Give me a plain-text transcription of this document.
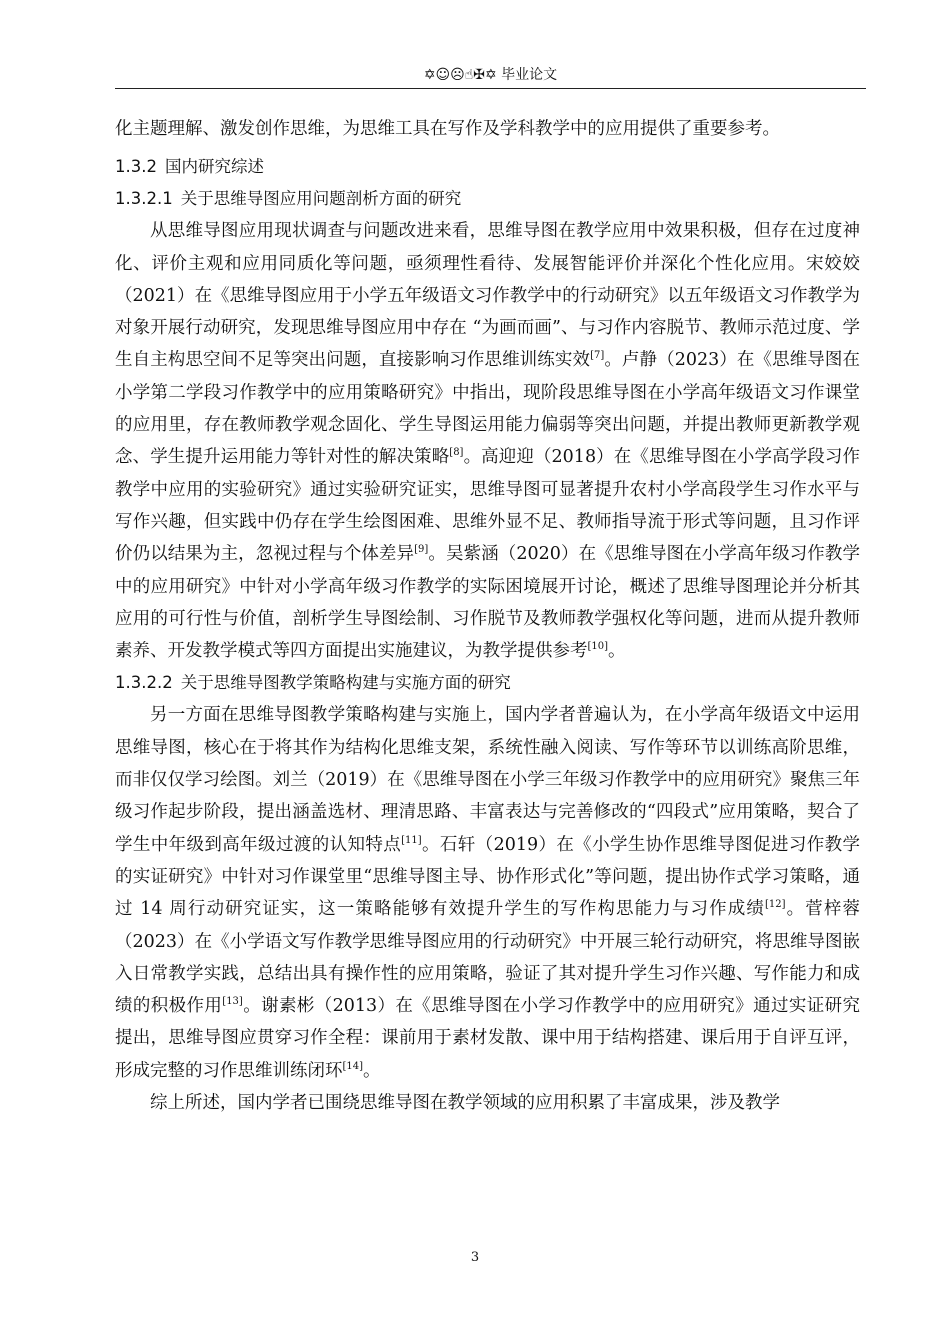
✡☺☹☝✠✡ 毕业论文

化主题理解、激发创作思维，为思维工具在写作及学科教学中的应用提供了重要参考。

1.3.2 国内研究综述

1.3.2.1 关于思维导图应用问题剖析方面的研究

从思维导图应用现状调查与问题改进来看，思维导图在教学应用中效果积极，但存在过度神化、评价主观和应用同质化等问题，亟须理性看待、发展智能评价并深化个性化应用。宋姣姣（2021）在《思维导图应用于小学五年级语文习作教学中的行动研究》以五年级语文习作教学为对象开展行动研究，发现思维导图应用中存在 “为画而画”、与习作内容脱节、教师示范过度、学生自主构思空间不足等突出问题，直接影响习作思维训练实效[7]。卢静（2023）在《思维导图在小学第二学段习作教学中的应用策略研究》中指出，现阶段思维导图在小学高年级语文习作课堂的应用里，存在教师教学观念固化、学生导图运用能力偏弱等突出问题，并提出教师更新教学观念、学生提升运用能力等针对性的解决策略[8]。高迎迎（2018）在《思维导图在小学高学段习作教学中应用的实验研究》通过实验研究证实，思维导图可显著提升农村小学高段学生习作水平与写作兴趣，但实践中仍存在学生绘图困难、思维外显不足、教师指导流于形式等问题，且习作评价仍以结果为主，忽视过程与个体差异[9]。吴紫涵（2020）在《思维导图在小学高年级习作教学中的应用研究》中针对小学高年级习作教学的实际困境展开讨论，概述了思维导图理论并分析其应用的可行性与价值，剖析学生导图绘制、习作脱节及教师教学强权化等问题，进而从提升教师素养、开发教学模式等四方面提出实施建议，为教学提供参考[10]。

1.3.2.2 关于思维导图教学策略构建与实施方面的研究

另一方面在思维导图教学策略构建与实施上，国内学者普遍认为，在小学高年级语文中运用思维导图，核心在于将其作为结构化思维支架，系统性融入阅读、写作等环节以训练高阶思维，而非仅仅学习绘图。刘兰（2019）在《思维导图在小学三年级习作教学中的应用研究》聚焦三年级习作起步阶段，提出涵盖选材、理清思路、丰富表达与完善修改的“四段式”应用策略，契合了学生中年级到高年级过渡的认知特点[11]。石轩（2019）在《小学生协作思维导图促进习作教学的实证研究》中针对习作课堂里“思维导图主导、协作形式化”等问题，提出协作式学习策略，通过 14 周行动研究证实，这一策略能够有效提升学生的写作构思能力与习作成绩[12]。菅梓蓉（2023）在《小学语文写作教学思维导图应用的行动研究》中开展三轮行动研究，将思维导图嵌入日常教学实践，总结出具有操作性的应用策略，验证了其对提升学生习作兴趣、写作能力和成绩的积极作用[13]。谢素彬（2013）在《思维导图在小学习作教学中的应用研究》通过实证研究提出，思维导图应贯穿习作全程：课前用于素材发散、课中用于结构搭建、课后用于自评互评，形成完整的习作思维训练闭环[14]。

综上所述，国内学者已围绕思维导图在教学领域的应用积累了丰富成果，涉及教学

3
